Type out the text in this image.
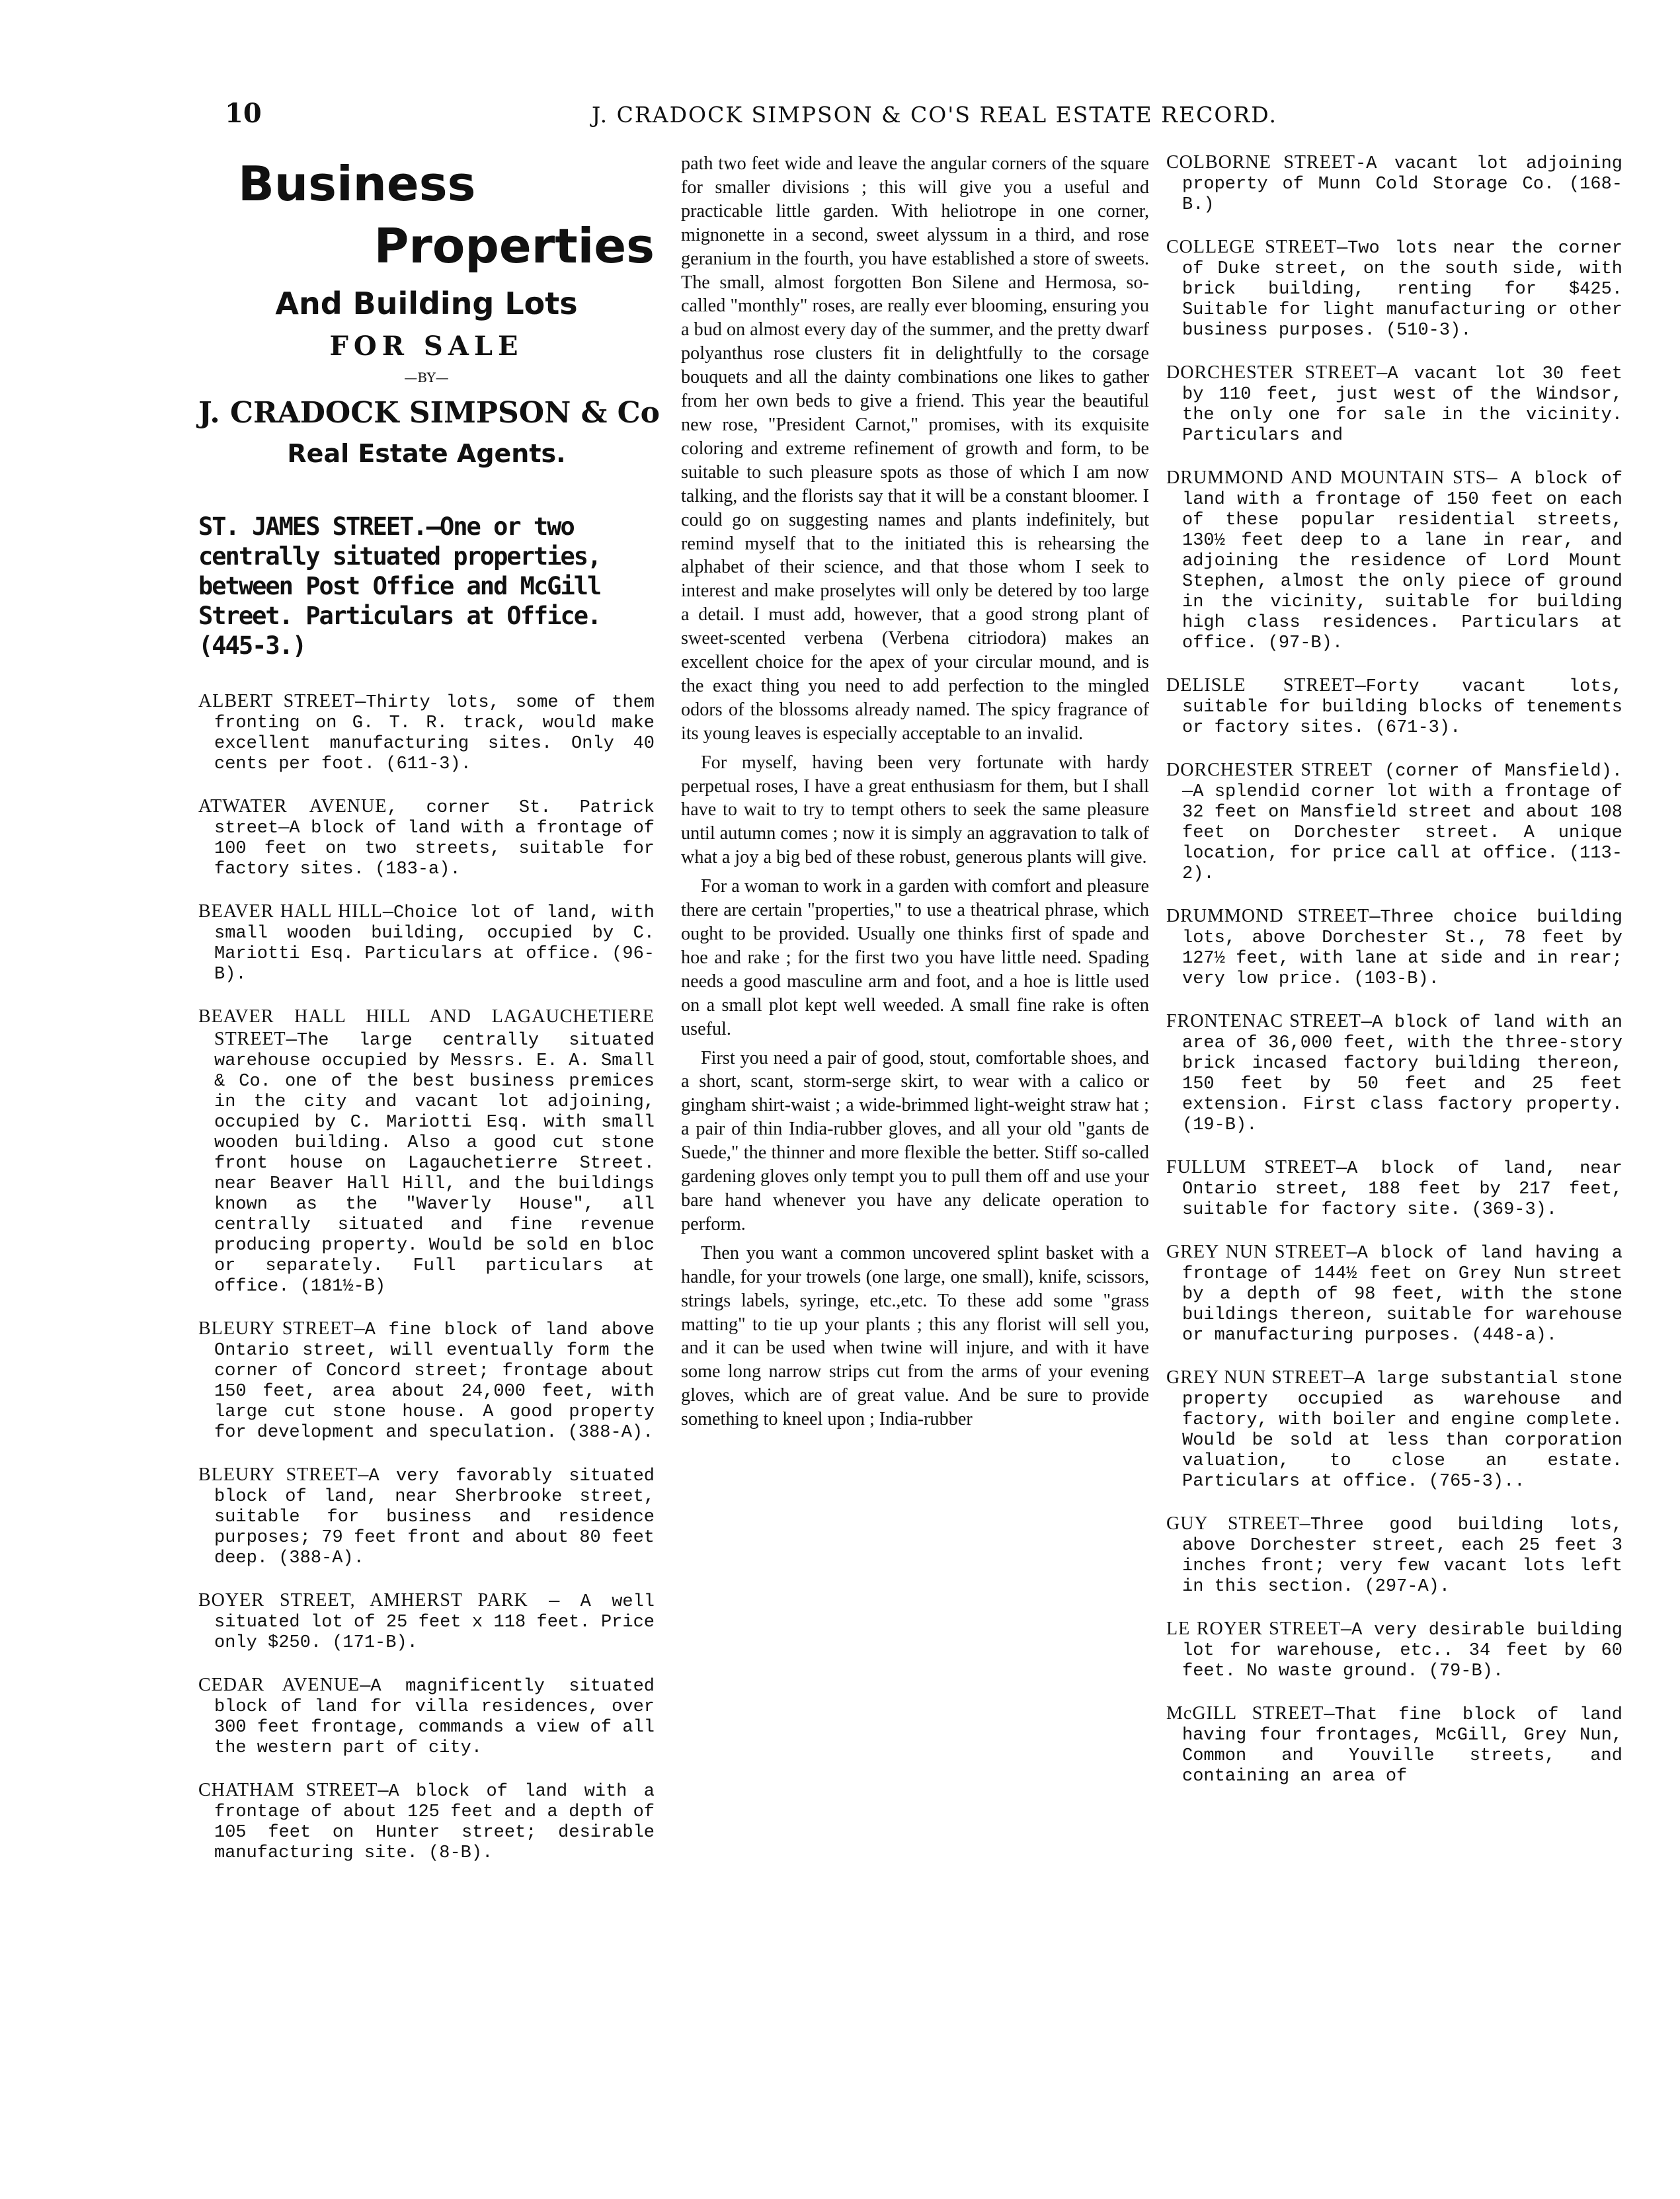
10	J. CRADOCK SIMPSON & CO'S REAL ESTATE RECORD.
Business
Properties
And Building Lots
FOR SALE
—BY—
J. CRADOCK SIMPSON & Co
Real Estate Agents.
ST. JAMES STREET.—One or two centrally situated properties, between Post Office and McGill Street. Particulars at Office. (445-3.)
ALBERT STREET—Thirty lots, some of them fronting on G. T. R. track, would make excellent manufacturing sites. Only 40 cents per foot. (611-3).
ATWATER AVENUE, corner St. Patrick street—A block of land with a frontage of 100 feet on two streets, suitable for factory sites. (183-a).
BEAVER HALL HILL—Choice lot of land, with small wooden building, occupied by C. Mariotti Esq. Particulars at office. (96-B).
BEAVER HALL HILL AND LAGAUCHETIERE STREET—The large centrally situated warehouse occupied by Messrs. E. A. Small & Co. one of the best business premices in the city and vacant lot adjoining, occupied by C. Mariotti Esq. with small wooden building. Also a good cut stone front house on Lagauchetierre Street. near Beaver Hall Hill, and the buildings known as the "Waverly House", all centrally situated and fine revenue producing property. Would be sold en bloc or separately. Full particulars at office. (181½-B)
BLEURY STREET—A fine block of land above Ontario street, will eventually form the corner of Concord street; frontage about 150 feet, area about 24,000 feet, with large cut stone house. A good property for development and speculation. (388-A).
BLEURY STREET—A very favorably situated block of land, near Sherbrooke street, suitable for business and residence purposes; 79 feet front and about 80 feet deep. (388-A).
BOYER STREET, AMHERST PARK — A well situated lot of 25 feet x 118 feet. Price only $250. (171-B).
CEDAR AVENUE—A magnificently situated block of land for villa residences, over 300 feet frontage, commands a view of all the western part of city.
CHATHAM STREET—A block of land with a frontage of about 125 feet and a depth of 105 feet on Hunter street; desirable manufacturing site. (8-B).

path two feet wide and leave the angular corners of the square for smaller divisions ; this will give you a useful and practicable little garden. With heliotrope in one corner, mignonette in a second, sweet alyssum in a third, and rose geranium in the fourth, you have established a store of sweets. The small, almost forgotten Bon Silene and Hermosa, so-called "monthly" roses, are really ever blooming, ensuring you a bud on almost every day of the summer, and the pretty dwarf polyanthus rose clusters fit in delightfully to the corsage bouquets and all the dainty combinations one likes to gather from her own beds to give a friend. This year the beautiful new rose, "President Carnot," promises, with its exquisite coloring and extreme refinement of growth and form, to be suitable to such pleasure spots as those of which I am now talking, and the florists say that it will be a constant bloomer. I could go on suggesting names and plants indefinitely, but remind myself that to the initiated this is rehearsing the alphabet of their science, and that those whom I seek to interest and make proselytes will only be detered by too large a detail. I must add, however, that a good strong plant of sweet-scented verbena (Verbena citriodora) makes an excellent choice for the apex of your circular mound, and is the exact thing you need to add perfection to the mingled odors of the blossoms already named. The spicy fragrance of its young leaves is especially acceptable to an invalid.

For myself, having been very fortunate with hardy perpetual roses, I have a great enthusiasm for them, but I shall have to wait to try to tempt others to seek the same pleasure until autumn comes ; now it is simply an aggravation to talk of what a joy a big bed of these robust, generous plants will give.

For a woman to work in a garden with comfort and pleasure there are certain "properties," to use a theatrical phrase, which ought to be provided. Usually one thinks first of spade and hoe and rake ; for the first two you have little need. Spading needs a good masculine arm and foot, and a hoe is little used on a small plot kept well weeded. A small fine rake is often useful.

First you need a pair of good, stout, comfortable shoes, and a short, scant, storm-serge skirt, to wear with a calico or gingham shirt-waist ; a wide-brimmed light-weight straw hat ; a pair of thin India-rubber gloves, and all your old "gants de Suede," the thinner and more flexible the better. Stiff so-called gardening gloves only tempt you to pull them off and use your bare hand whenever you have any delicate operation to perform.

Then you want a common uncovered splint basket with a handle, for your trowels (one large, one small), knife, scissors, strings labels, syringe, etc.,etc. To these add some "grass matting" to tie up your plants ; this any florist will sell you, and it can be used when twine will injure, and with it have some long narrow strips cut from the arms of your evening gloves, which are of great value. And be sure to provide something to kneel upon ; India-rubber

COLBORNE STREET-A vacant lot adjoining property of Munn Cold Storage Co. (168-B.)
COLLEGE STREET—Two lots near the corner of Duke street, on the south side, with brick building, renting for $425. Suitable for light manufacturing or other business purposes. (510-3).
DORCHESTER STREET—A vacant lot 30 feet by 110 feet, just west of the Windsor, the only one for sale in the vicinity. Particulars and
DRUMMOND AND MOUNTAIN STS— A block of land with a frontage of 150 feet on each of these popular residential streets, 130½ feet deep to a lane in rear, and adjoining the residence of Lord Mount Stephen, almost the only piece of ground in the vicinity, suitable for building high class residences. Particulars at office. (97-B).
DELISLE STREET—Forty vacant lots, suitable for building blocks of tenements or factory sites. (671-3).
DORCHESTER STREET (corner of Mansfield).—A splendid corner lot with a frontage of 32 feet on Mansfield street and about 108 feet on Dorchester street. A unique location, for price call at office. (113-2).
DRUMMOND STREET—Three choice building lots, above Dorchester St., 78 feet by 127½ feet, with lane at side and in rear; very low price. (103-B).
FRONTENAC STREET—A block of land with an area of 36,000 feet, with the three-story brick incased factory building thereon, 150 feet by 50 feet and 25 feet extension. First class factory property. (19-B).
FULLUM STREET—A block of land, near Ontario street, 188 feet by 217 feet, suitable for factory site. (369-3).
GREY NUN STREET—A block of land having a frontage of 144½ feet on Grey Nun street by a depth of 98 feet, with the stone buildings thereon, suitable for warehouse or manufacturing purposes. (448-a).
GREY NUN STREET—A large substantial stone property occupied as warehouse and factory, with boiler and engine complete. Would be sold at less than corporation valuation, to close an estate. Particulars at office. (765-3)..
GUY STREET—Three good building lots, above Dorchester street, each 25 feet 3 inches front; very few vacant lots left in this section. (297-A).
LE ROYER STREET—A very desirable building lot for warehouse, etc.. 34 feet by 60 feet. No waste ground. (79-B).
McGILL STREET—That fine block of land having four frontages, McGill, Grey Nun, Common and Youville streets, and containing an area of
